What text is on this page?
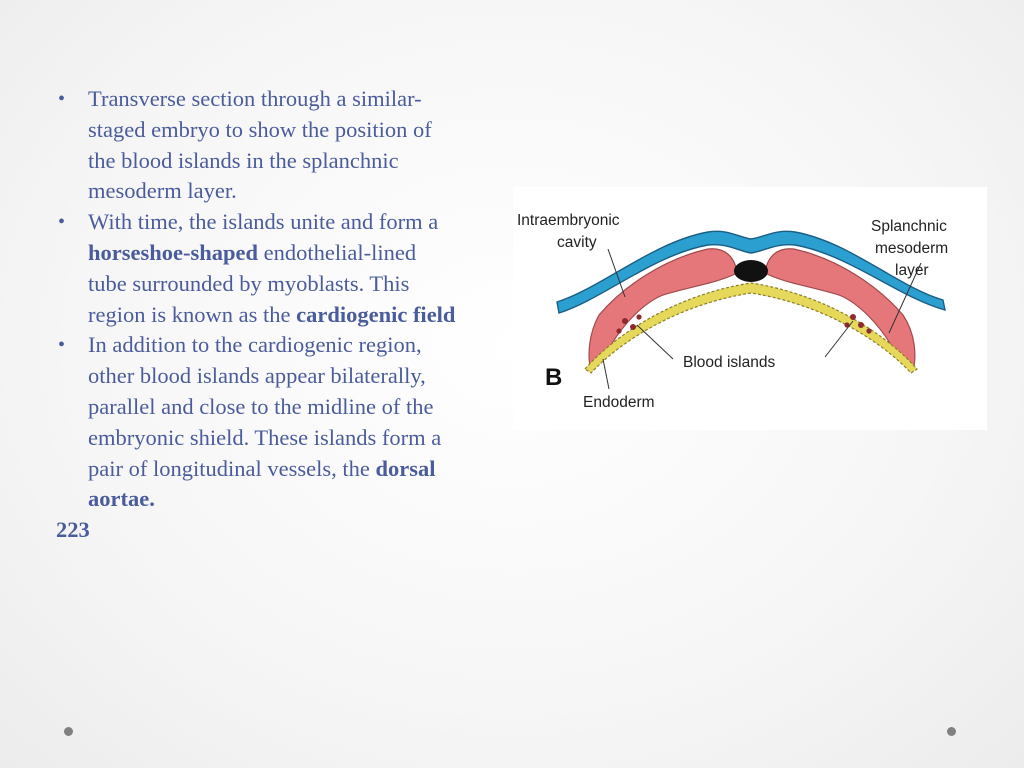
• Transverse section through a similar-staged embryo to show the position of the blood islands in the splanchnic mesoderm layer.
• With time, the islands unite and form a horseshoe-shaped endothelial-lined tube surrounded by myoblasts. This region is known as the cardiogenic field
• In addition to the cardiogenic region, other blood islands appear bilaterally, parallel and close to the midline of the embryonic shield. These islands form a pair of longitudinal vessels, the dorsal aortae.
223
Intraembryonic
cavity
Splanchnic
mesoderm
layer
Blood islands
B
Endoderm
